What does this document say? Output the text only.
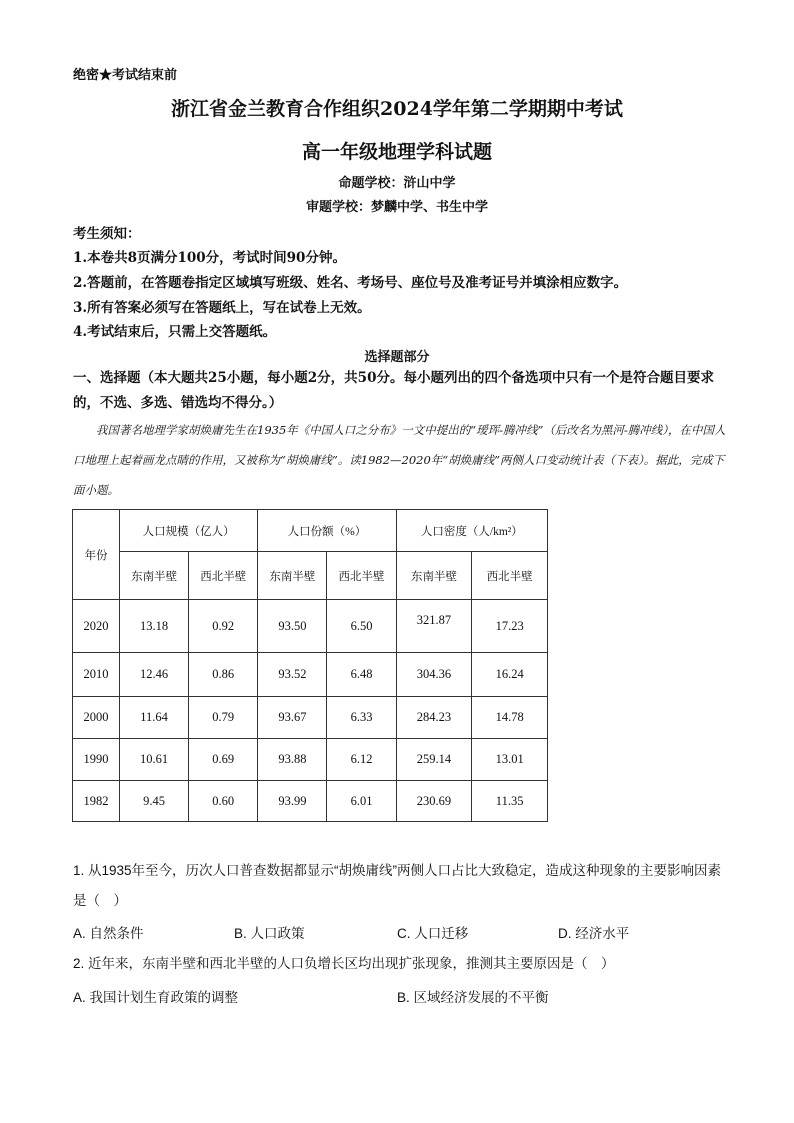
绝密★考试结束前
浙江省金兰教育合作组织2024学年第二学期期中考试
高一年级地理学科试题
命题学校：浒山中学
审题学校：梦麟中学、书生中学
考生须知：
1.本卷共8页满分100分，考试时间90分钟。
2.答题前，在答题卷指定区域填写班级、姓名、考场号、座位号及准考证号并填涂相应数字。
3.所有答案必须写在答题纸上，写在试卷上无效。
4.考试结束后，只需上交答题纸。
选择题部分
一、选择题（本大题共25小题，每小题2分，共50分。每小题列出的四个备选项中只有一个是符合题目要求的，不选、多选、错选均不得分。）

我国著名地理学家胡焕庸先生在1935年《中国人口之分布》一文中提出的“瑷珲-腾冲线”（后改名为黑河-腾冲线），在中国人口地理上起着画龙点睛的作用，又被称为“胡焕庸线”。读1982—2020年“胡焕庸线”两侧人口变动统计表（下表）。据此，完成下面小题。

年份	人口规模（亿人）		人口份额（%）		人口密度（人/km²）	
	东南半壁	西北半壁	东南半壁	西北半壁	东南半壁	西北半壁
2020	13.18	0.92	93.50	6.50	321.87	17.23
2010	12.46	0.86	93.52	6.48	304.36	16.24
2000	11.64	0.79	93.67	6.33	284.23	14.78
1990	10.61	0.69	93.88	6.12	259.14	13.01
1982	9.45	0.60	93.99	6.01	230.69	11.35
1. 从1935年至今，历次人口普查数据都显示“胡焕庸线”两侧人口占比大致稳定，造成这种现象的主要影响因素是（　）
A. 自然条件	B. 人口政策	C. 人口迁移	D. 经济水平
2. 近年来，东南半壁和西北半壁的人口负增长区均出现扩张现象，推测其主要原因是（　）
A. 我国计划生育政策的调整	B. 区域经济发展的不平衡
